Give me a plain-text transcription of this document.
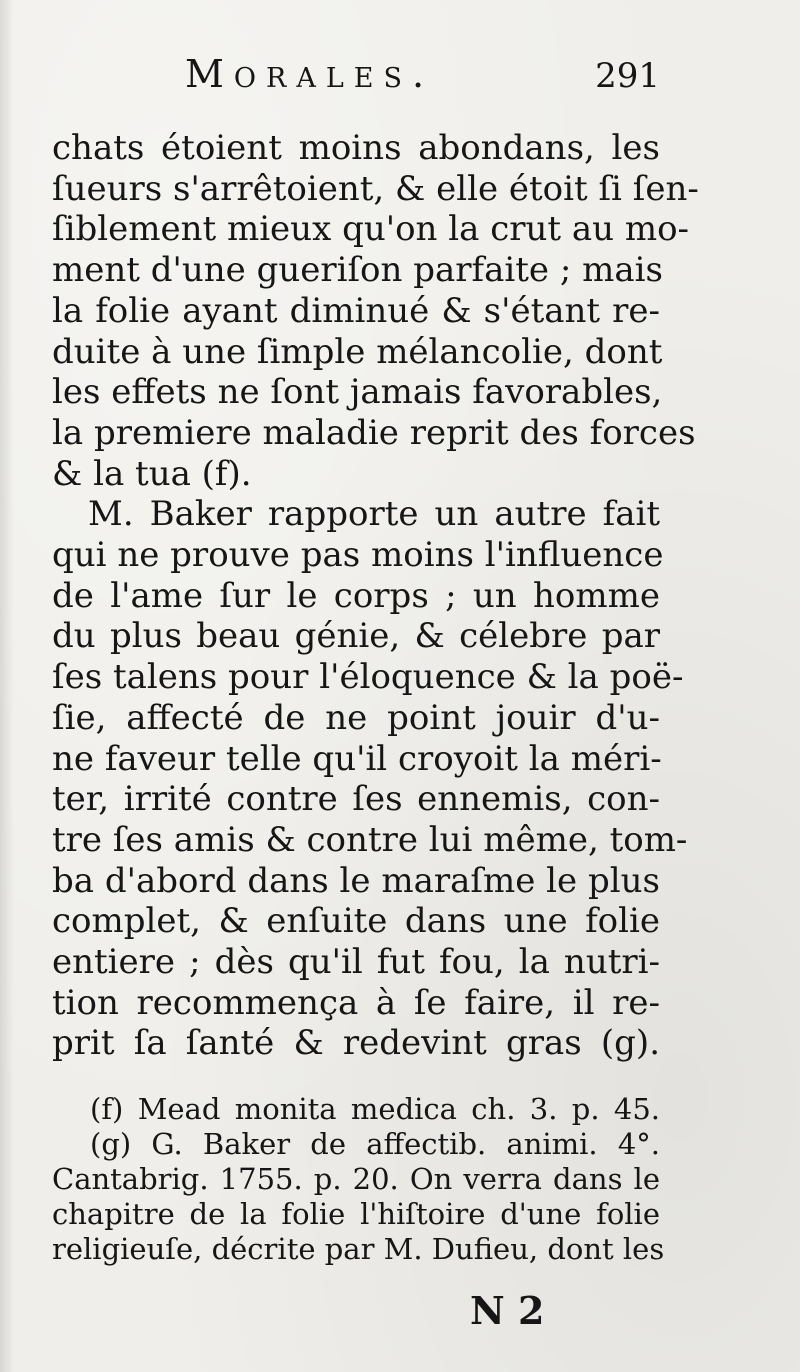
Morales.	291
chats étoient moins abondans, les
ſueurs s'arrêtoient, & elle étoit ſi ſen-
ſiblement mieux qu'on la crut au mo-
ment d'une gueriſon parfaite ; mais
la folie ayant diminué & s'étant re-
duite à une ſimple mélancolie, dont
les effets ne ſont jamais favorables,
la premiere maladie reprit des forces
& la tua (f).
M. Baker rapporte un autre fait
qui ne prouve pas moins l'influence
de l'ame ſur le corps ; un homme
du plus beau génie, & célebre par
ſes talens pour l'éloquence & la poë-
ſie, affecté de ne point jouir d'u-
ne faveur telle qu'il croyoit la méri-
ter, irrité contre ſes ennemis, con-
tre ſes amis & contre lui même, tom-
ba d'abord dans le maraſme le plus
complet, & enſuite dans une folie
entiere ; dès qu'il fut fou, la nutri-
tion recommença à ſe faire, il re-
prit ſa ſanté & redevint gras (g).
(f) Mead monita medica ch. 3. p. 45.
(g) G. Baker de affectib. animi. 4°.
Cantabrig. 1755. p. 20. On verra dans le
chapitre de la folie l'hiſtoire d'une folie
religieuſe, décrite par M. Dufieu, dont les
N 2
